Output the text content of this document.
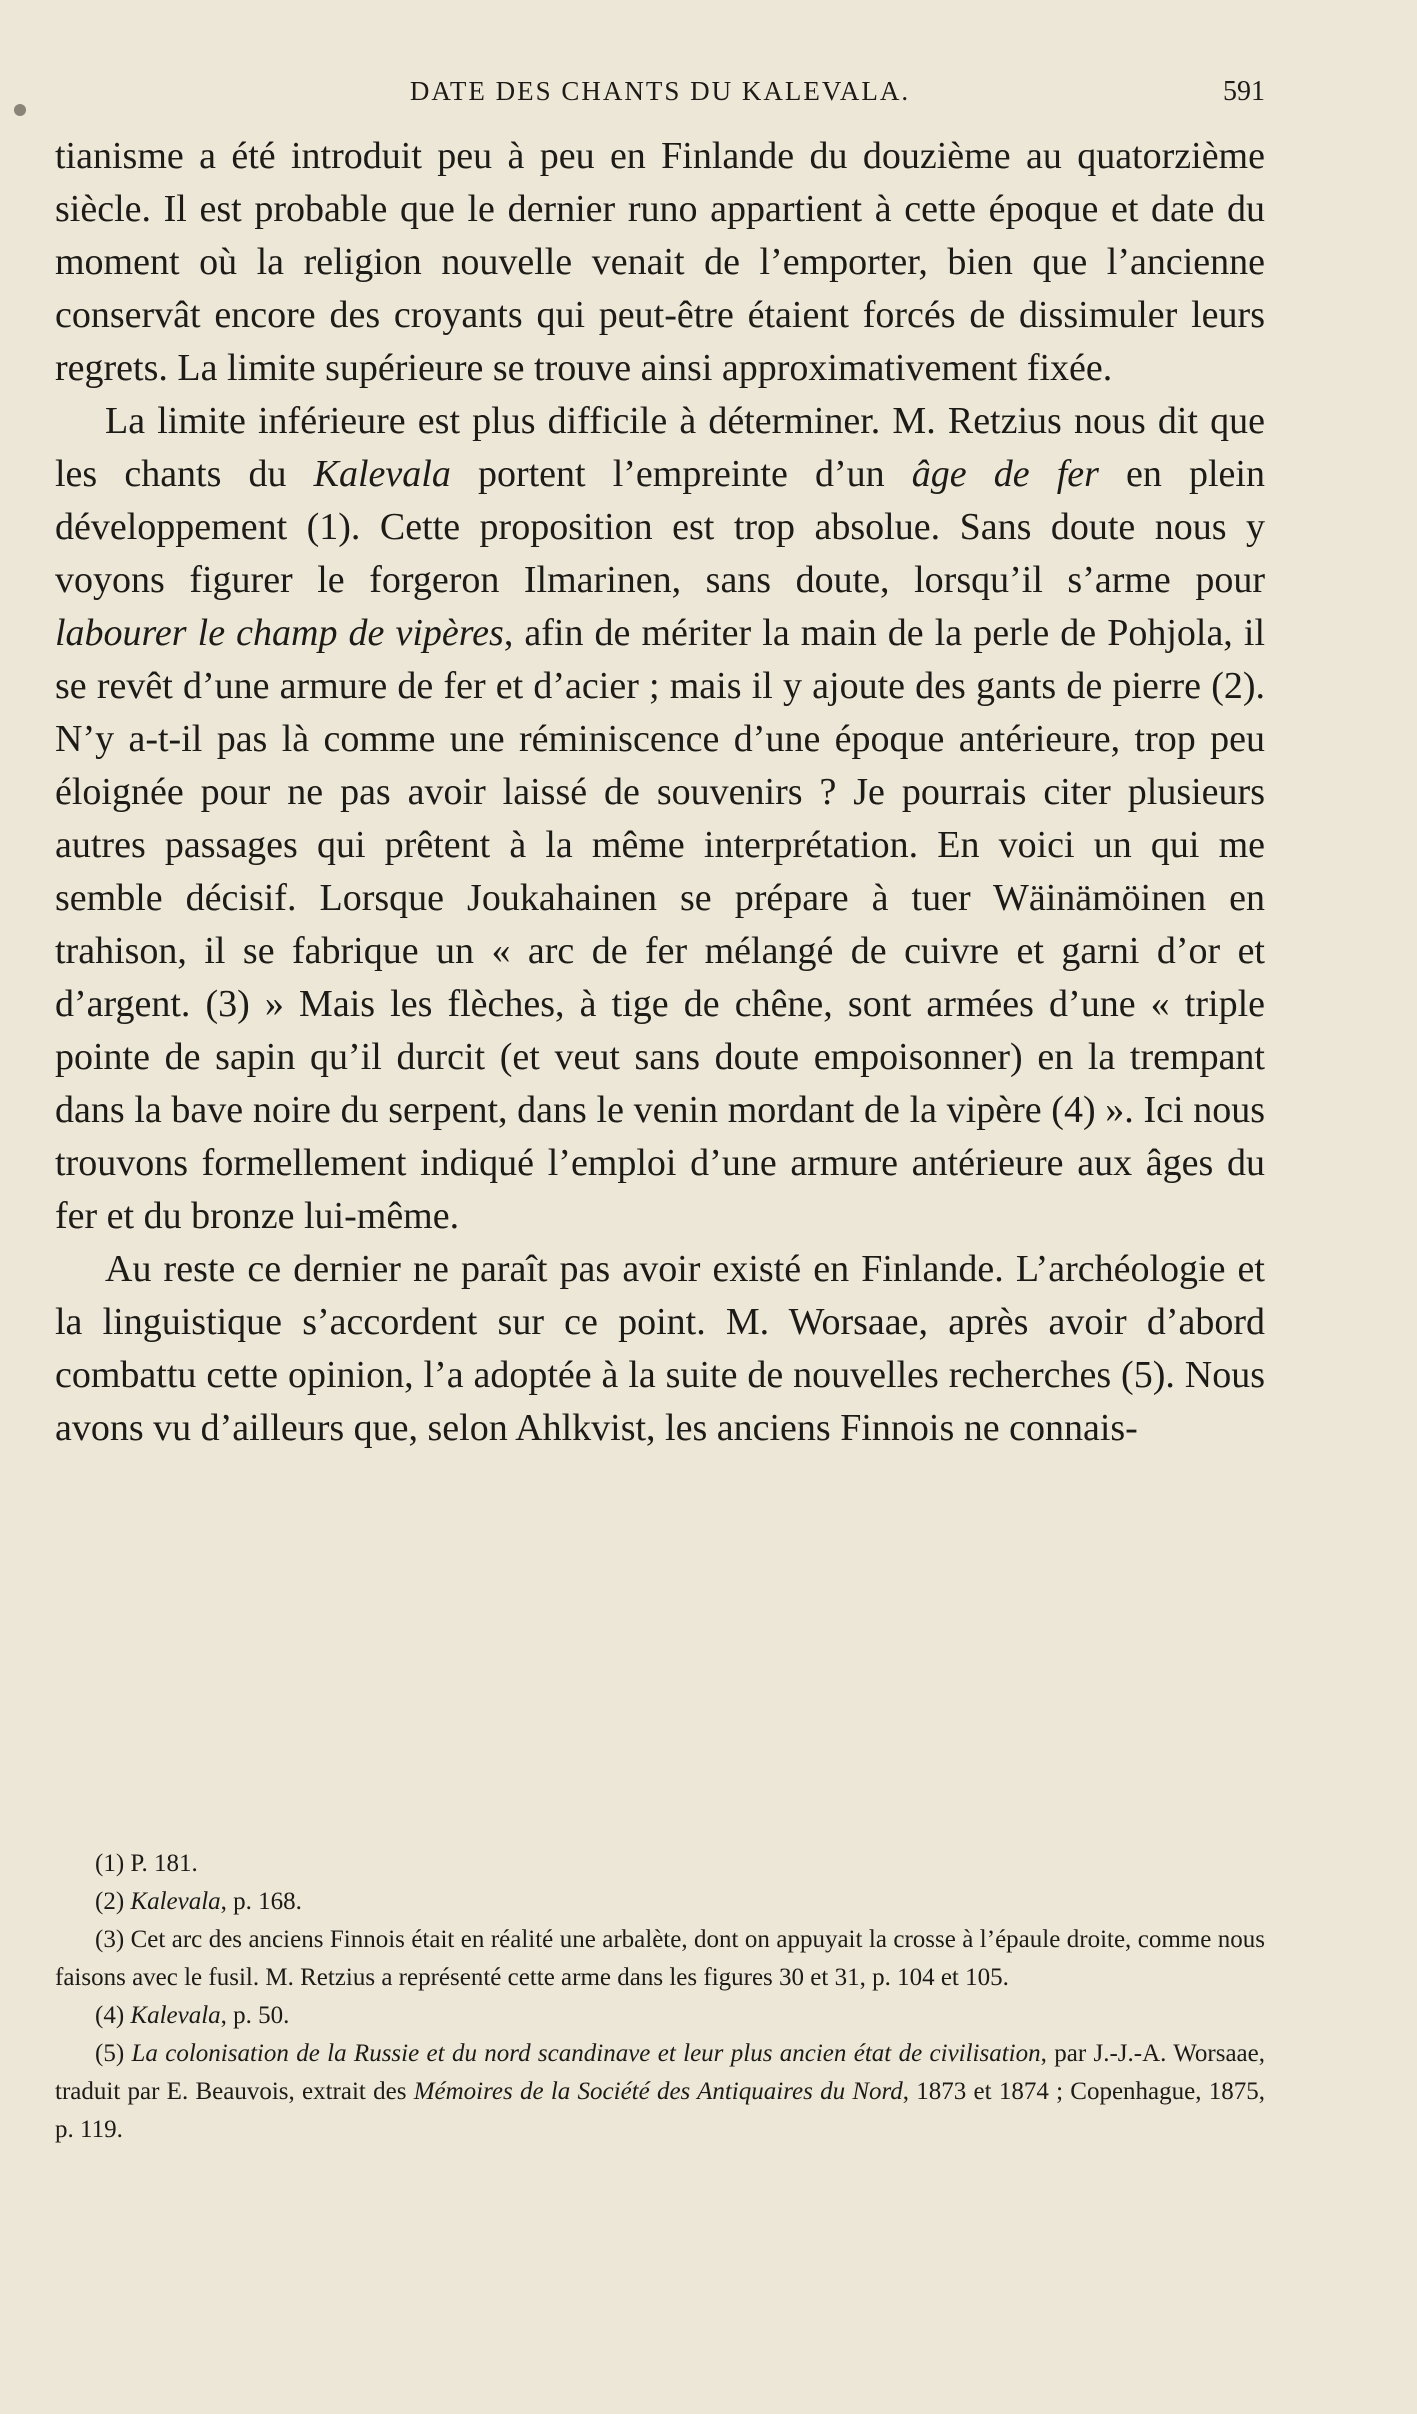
DATE DES CHANTS DU KALEVALA.	591

tianisme a été introduit peu à peu en Finlande du douzième au quatorzième siècle. Il est probable que le dernier runo appartient à cette époque et date du moment où la religion nouvelle venait de l’emporter, bien que l’ancienne conservât encore des croyants qui peut-être étaient forcés de dissimuler leurs regrets. La limite supérieure se trouve ainsi approximativement fixée.

La limite inférieure est plus difficile à déterminer. M. Retzius nous dit que les chants du Kalevala portent l’empreinte d’un âge de fer en plein développement (1). Cette proposition est trop absolue. Sans doute nous y voyons figurer le forgeron Ilmarinen, sans doute, lorsqu’il s’arme pour labourer le champ de vipères, afin de mériter la main de la perle de Pohjola, il se revêt d’une armure de fer et d’acier ; mais il y ajoute des gants de pierre (2). N’y a-t-il pas là comme une réminiscence d’une époque antérieure, trop peu éloignée pour ne pas avoir laissé de souvenirs ? Je pourrais citer plusieurs autres passages qui prêtent à la même interprétation. En voici un qui me semble décisif. Lorsque Joukahainen se prépare à tuer Wäinämöinen en trahison, il se fabrique un « arc de fer mélangé de cuivre et garni d’or et d’argent. (3) » Mais les flèches, à tige de chêne, sont armées d’une « triple pointe de sapin qu’il durcit (et veut sans doute empoisonner) en la trempant dans la bave noire du serpent, dans le venin mordant de la vipère (4) ». Ici nous trouvons formellement indiqué l’emploi d’une armure antérieure aux âges du fer et du bronze lui-même.

Au reste ce dernier ne paraît pas avoir existé en Finlande. L’archéologie et la linguistique s’accordent sur ce point. M. Worsaae, après avoir d’abord combattu cette opinion, l’a adoptée à la suite de nouvelles recherches (5). Nous avons vu d’ailleurs que, selon Ahlkvist, les anciens Finnois ne connais-

(1) P. 181.

(2) Kalevala, p. 168.

(3) Cet arc des anciens Finnois était en réalité une arbalète, dont on appuyait la crosse à l’épaule droite, comme nous faisons avec le fusil. M. Retzius a représenté cette arme dans les figures 30 et 31, p. 104 et 105.

(4) Kalevala, p. 50.

(5) La colonisation de la Russie et du nord scandinave et leur plus ancien état de civilisation, par J.-J.-A. Worsaae, traduit par E. Beauvois, extrait des Mémoires de la Société des Antiquaires du Nord, 1873 et 1874 ; Copenhague, 1875, p. 119.
